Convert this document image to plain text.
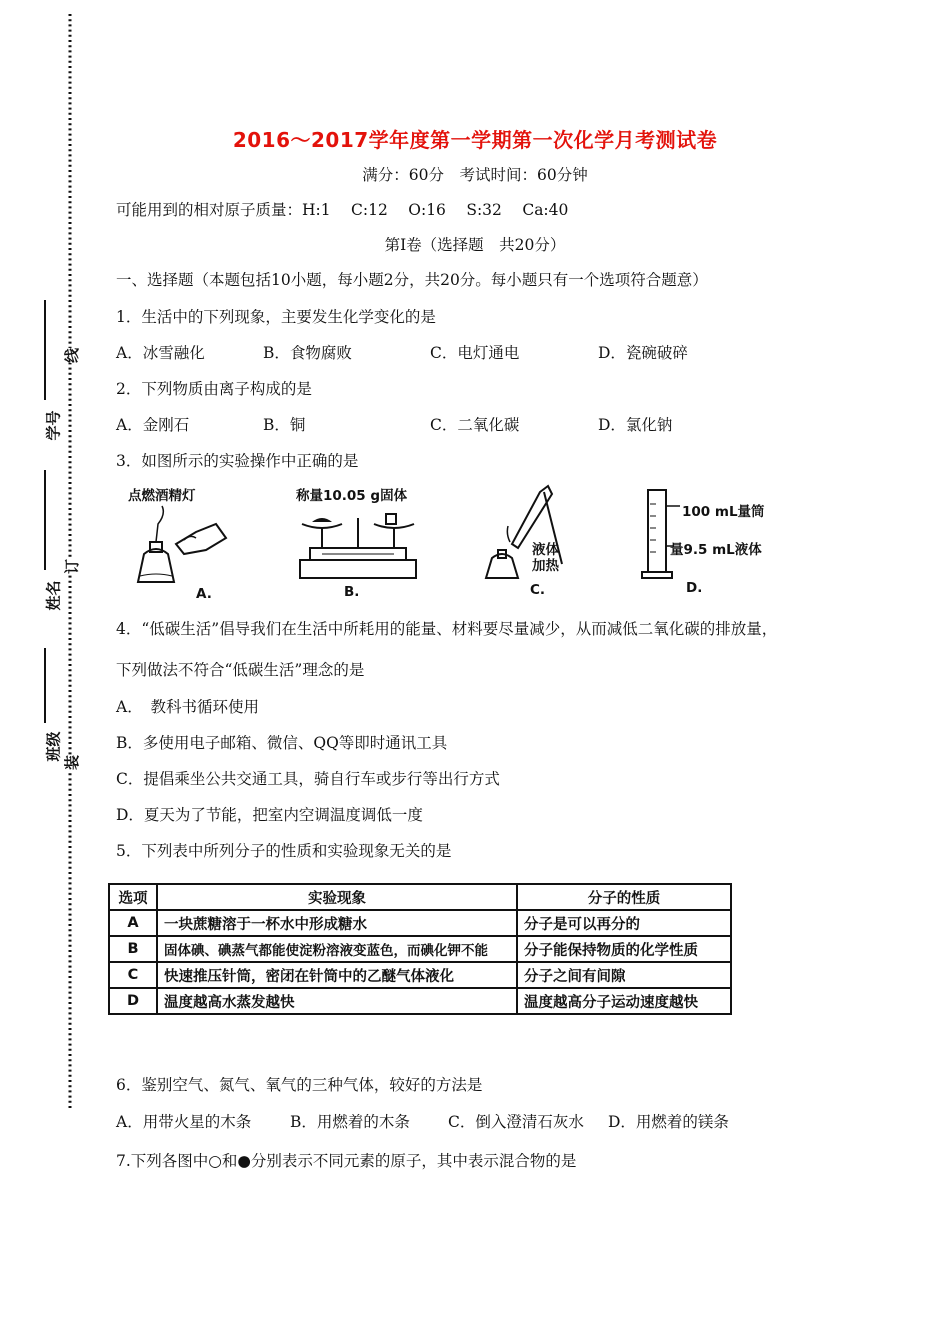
线
订
装
学号
姓名
班级
2016～2017学年度第一学期第一次化学月考测试卷
满分：60分　考试时间：60分钟
可能用到的相对原子质量：H:1　 C:12　 O:16　 S:32　 Ca:40
第Ⅰ卷（选择题　共20分）
一、选择题（本题包括10小题，每小题2分，共20分。每小题只有一个选项符合题意）
1．生活中的下列现象，主要发生化学变化的是
A．冰雪融化	B．食物腐败	C．电灯通电	D．瓷碗破碎
2．下列物质由离子构成的是
A．金刚石	B．铜	C．二氧化碳	D．氯化钠
3．如图所示的实验操作中正确的是
点燃酒精灯
A.
称量10.05 g固体
B.
液体
加热
C.
100 mL量筒
量9.5 mL液体
D.
4．“低碳生活”倡导我们在生活中所耗用的能量、材料要尽量减少，从而减低二氧化碳的排放量，
下列做法不符合“低碳生活”理念的是
A．　教科书循环使用
B．多使用电子邮箱、微信、QQ等即时通讯工具
C．提倡乘坐公共交通工具，骑自行车或步行等出行方式
D．夏天为了节能，把室内空调温度调低一度
5．下列表中所列分子的性质和实验现象无关的是
选项	实验现象	分子的性质
A	一块蔗糖溶于一杯水中形成糖水	分子是可以再分的
B	固体碘、碘蒸气都能使淀粉溶液变蓝色，而碘化钾不能	分子能保持物质的化学性质
C	快速推压针筒，密闭在针筒中的乙醚气体液化	分子之间有间隙
D	温度越高水蒸发越快	温度越高分子运动速度越快
6．鉴别空气、氮气、氧气的三种气体，较好的方法是
A．用带火星的木条	B．用燃着的木条 C．倒入澄清石灰水 D．用燃着的镁条
7.下列各图中○和●分别表示不同元素的原子，其中表示混合物的是
